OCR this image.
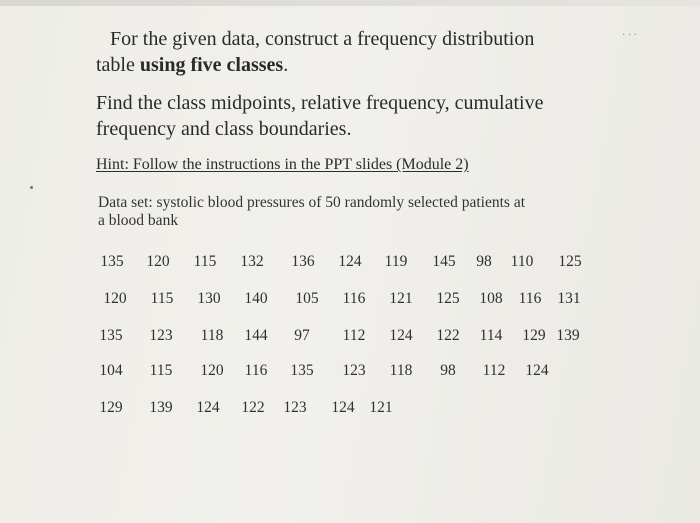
For the given data, construct a frequency distribution
table using five classes.

Find the class midpoints, relative frequency, cumulative
frequency and class boundaries.

Hint: Follow the instructions in the PPT slides (Module 2)
Data set: systolic blood pressures of 50 randomly selected patients at
a blood bank
135 120 115 132 136 124 119 145 98 110 125
120 115 130 140 105 116 121 125 108 116 131
135 123 118 144 97 112 124 122 114 129 139
104 115 120 116 135 123 118 98 112 124
129 139 124 122 123 124 121
· · ·
